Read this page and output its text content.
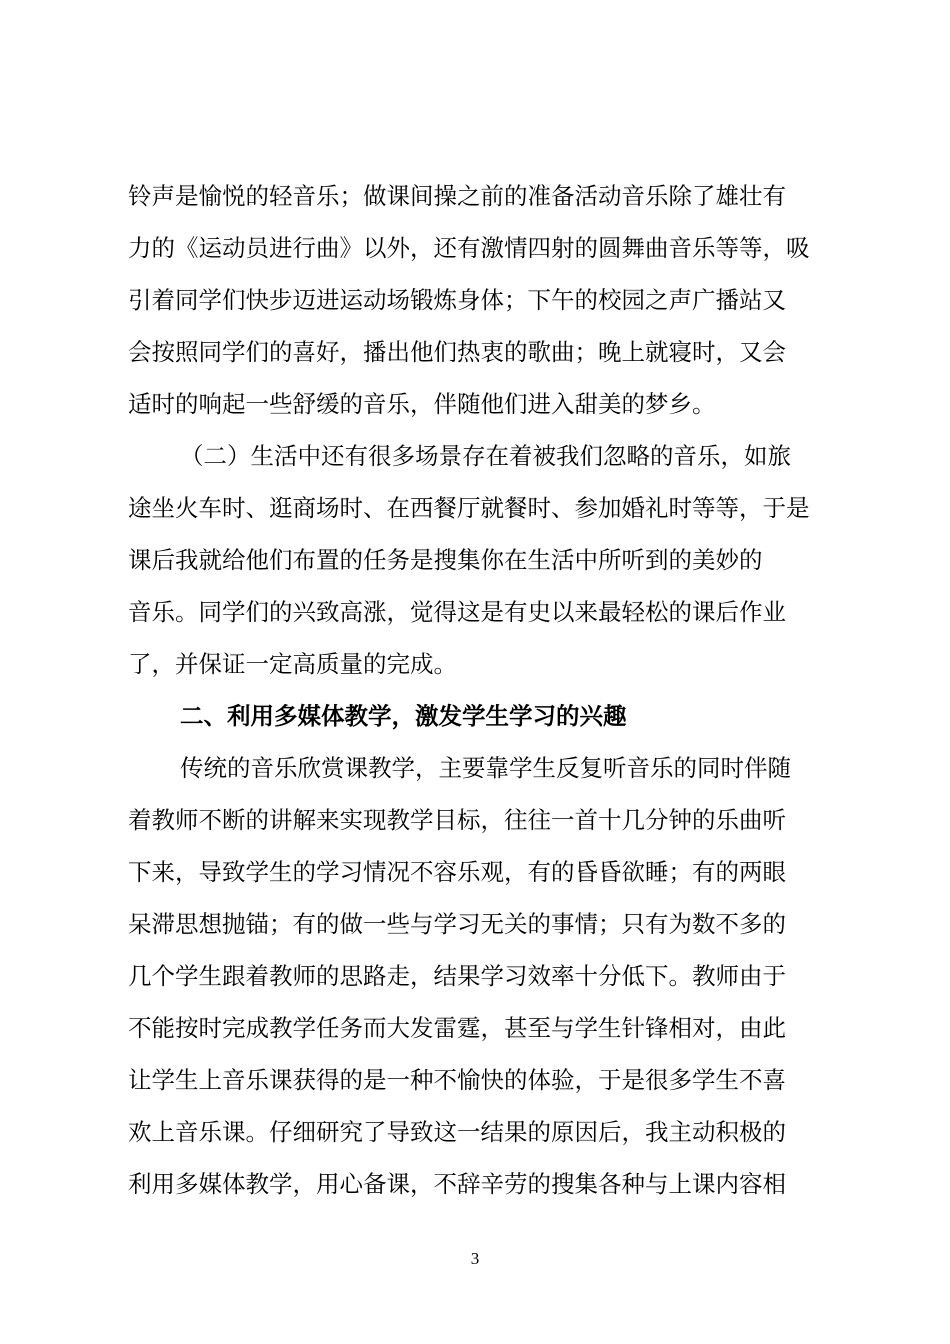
铃声是愉悦的轻音乐；做课间操之前的准备活动音乐除了雄壮有
力的《运动员进行曲》以外，还有激情四射的圆舞曲音乐等等，吸
引着同学们快步迈进运动场锻炼身体；下午的校园之声广播站又
会按照同学们的喜好，播出他们热衷的歌曲；晚上就寝时，又会
适时的响起一些舒缓的音乐，伴随他们进入甜美的梦乡。
（二）生活中还有很多场景存在着被我们忽略的音乐，如旅
途坐火车时、逛商场时、在西餐厅就餐时、参加婚礼时等等，于是
课后我就给他们布置的任务是搜集你在生活中所听到的美妙的
音乐。同学们的兴致高涨，觉得这是有史以来最轻松的课后作业
了，并保证一定高质量的完成。
二、利用多媒体教学，激发学生学习的兴趣
传统的音乐欣赏课教学，主要靠学生反复听音乐的同时伴随
着教师不断的讲解来实现教学目标，往往一首十几分钟的乐曲听
下来，导致学生的学习情况不容乐观，有的昏昏欲睡；有的两眼
呆滞思想抛锚；有的做一些与学习无关的事情；只有为数不多的
几个学生跟着教师的思路走，结果学习效率十分低下。教师由于
不能按时完成教学任务而大发雷霆，甚至与学生针锋相对，由此
让学生上音乐课获得的是一种不愉快的体验，于是很多学生不喜
欢上音乐课。仔细研究了导致这一结果的原因后，我主动积极的
利用多媒体教学，用心备课，不辞辛劳的搜集各种与上课内容相
3
